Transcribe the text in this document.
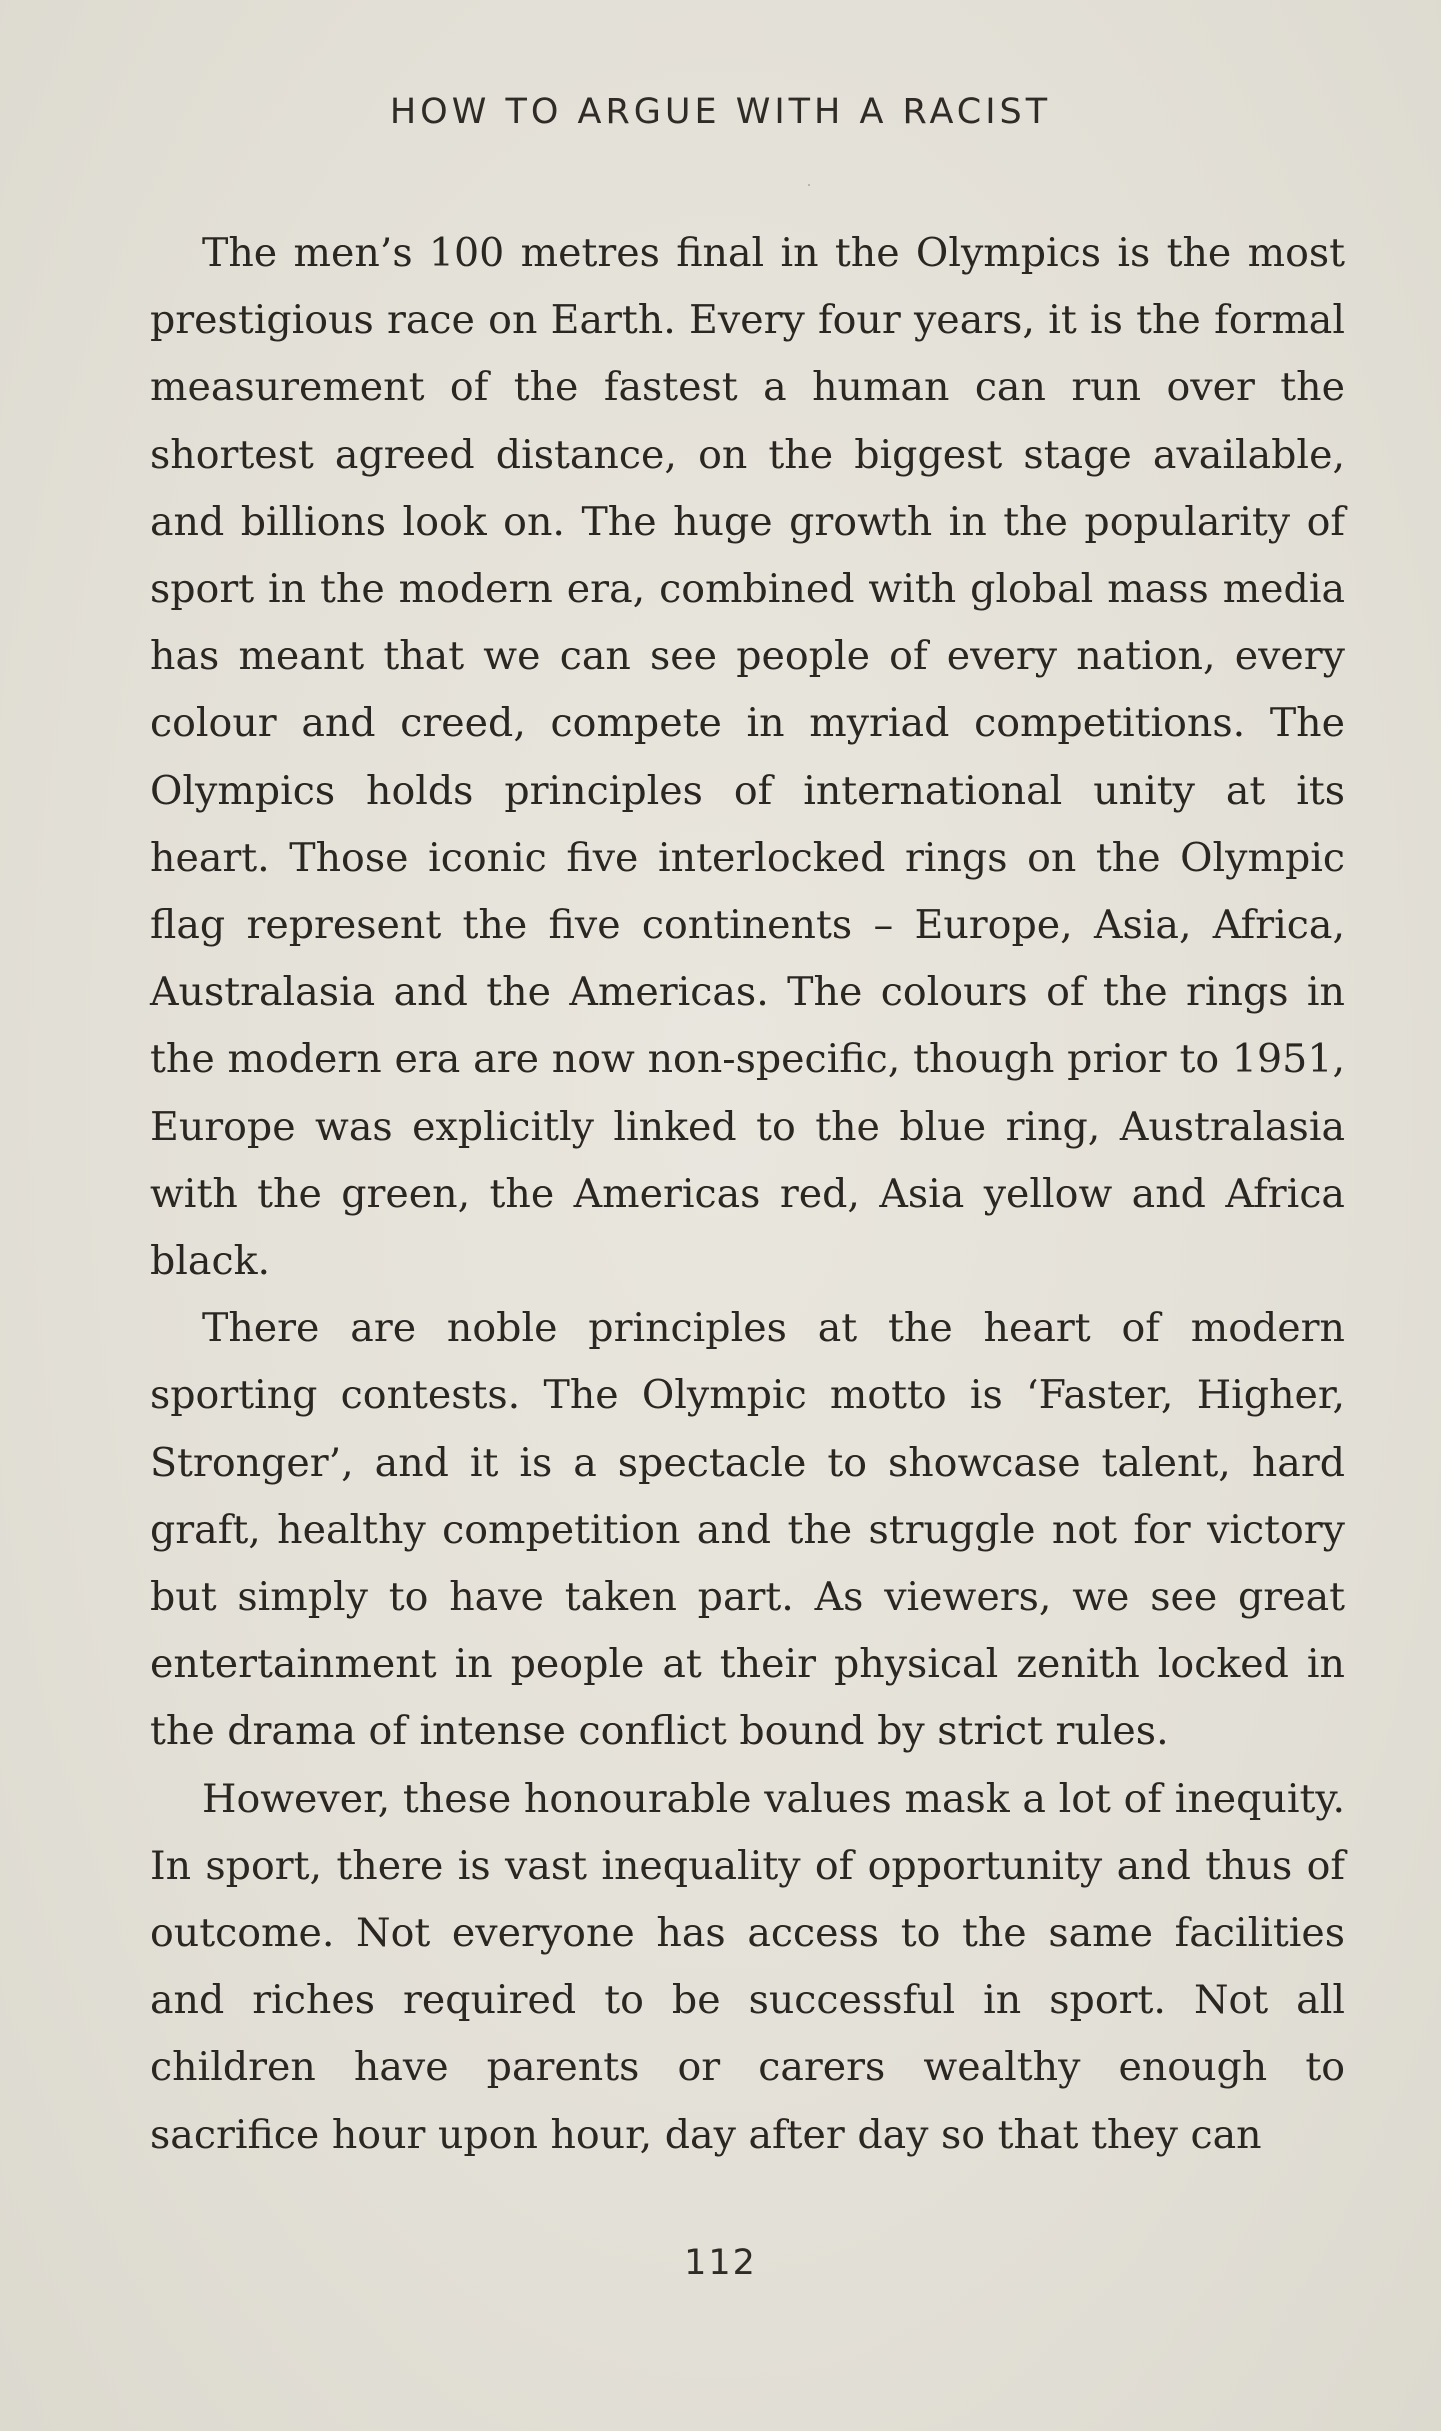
HOW TO ARGUE WITH A RACIST

The men’s 100 metres final in the Olympics is the most prestigious race on Earth. Every four years, it is the formal measurement of the fastest a human can run over the shortest agreed distance, on the biggest stage available, and billions look on. The huge growth in the popularity of sport in the modern era, combined with global mass media has meant that we can see people of every nation, every colour and creed, compete in myriad competitions. The Olympics holds principles of international unity at its heart. Those iconic five interlocked rings on the Olympic flag represent the five continents – Europe, Asia, Africa, Australasia and the Americas. The colours of the rings in the modern era are now non-specific, though prior to 1951, Europe was explicitly linked to the blue ring, Australasia with the green, the Americas red, Asia yellow and Africa black.

There are noble principles at the heart of modern sporting contests. The Olympic motto is ‘Faster, Higher, Stronger’, and it is a spectacle to showcase talent, hard graft, healthy competition and the struggle not for victory but simply to have taken part. As viewers, we see great entertainment in people at their physical zenith locked in the drama of intense conflict bound by strict rules.

However, these honourable values mask a lot of inequity. In sport, there is vast inequality of opportunity and thus of outcome. Not everyone has access to the same facilities and riches required to be successful in sport. Not all children have parents or carers wealthy enough to sacrifice hour upon hour, day after day so that they can

112
